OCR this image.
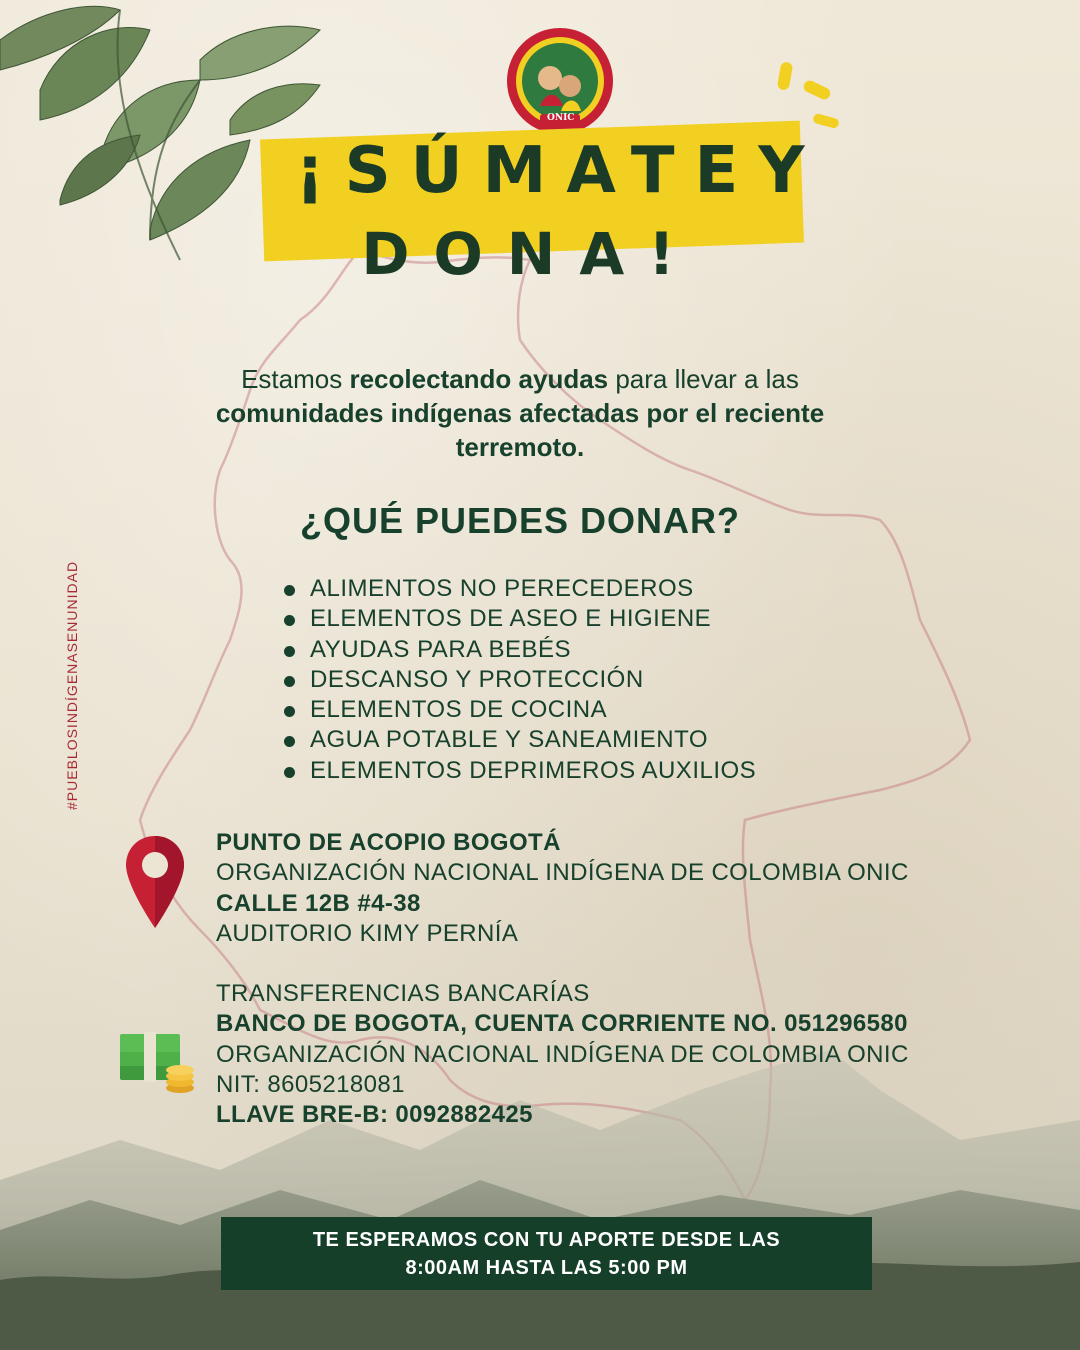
ONIC
¡SÚMATEY
DONA!
#PUEBLOSINDÍGENASENUNIDAD
Estamos recolectando ayudas para llevar a las
comunidades indígenas afectadas por el reciente terremoto.
¿QUÉ PUEDES DONAR?
ALIMENTOS NO PERECEDEROS
ELEMENTOS DE ASEO E HIGIENE
AYUDAS PARA BEBÉS
DESCANSO Y PROTECCIÓN
ELEMENTOS DE COCINA
AGUA POTABLE Y SANEAMIENTO
ELEMENTOS DEPRIMEROS AUXILIOS
PUNTO DE ACOPIO BOGOTÁ
ORGANIZACIÓN NACIONAL INDÍGENA DE COLOMBIA ONIC
CALLE 12B #4-38
AUDITORIO KIMY PERNÍA
TRANSFERENCIAS BANCARÍAS
BANCO DE BOGOTA, CUENTA CORRIENTE NO. 051296580
ORGANIZACIÓN NACIONAL INDÍGENA DE COLOMBIA ONIC
NIT: 8605218081
LLAVE BRE-B: 0092882425
TE ESPERAMOS CON TU APORTE DESDE LAS
8:00AM HASTA LAS 5:00 PM
